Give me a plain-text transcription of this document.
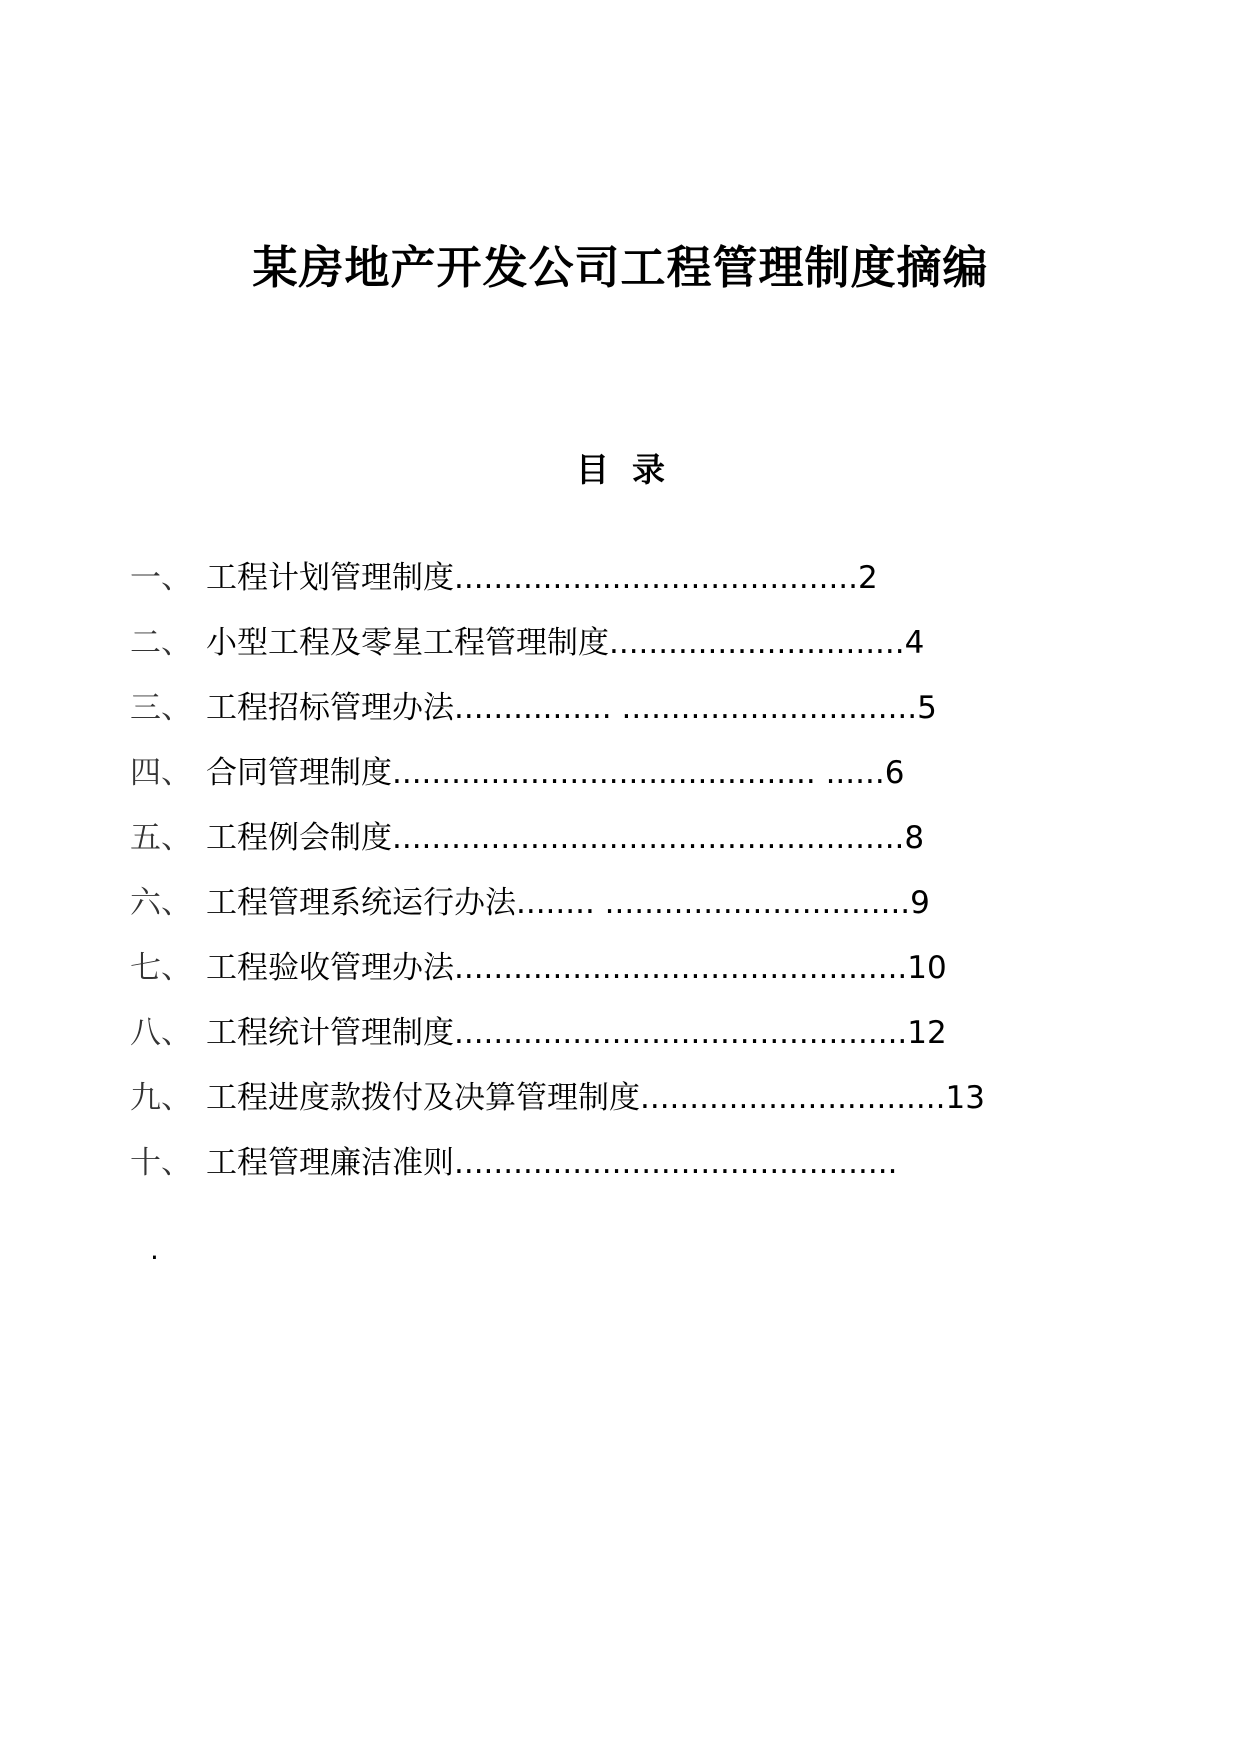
某房地产开发公司工程管理制度摘编
目  录
一、 工程计划管理制度 ......................................... 2
二、 小型工程及零星工程管理制度 .............................. 4
三、 工程招标管理办法 ................ .............................. 5
四、 合同管理制度 ........................................... ...... 6
五、 工程例会制度 .................................................... 8
六、 工程管理系统运行办法 ........ ............................... 9
七、 工程验收管理办法 .............................................. 10
八、 工程统计管理制度 .............................................. 12
九、 工程进度款拨付及决算管理制度 ............................... 13
十、 工程管理廉洁准则 .............................................
.
